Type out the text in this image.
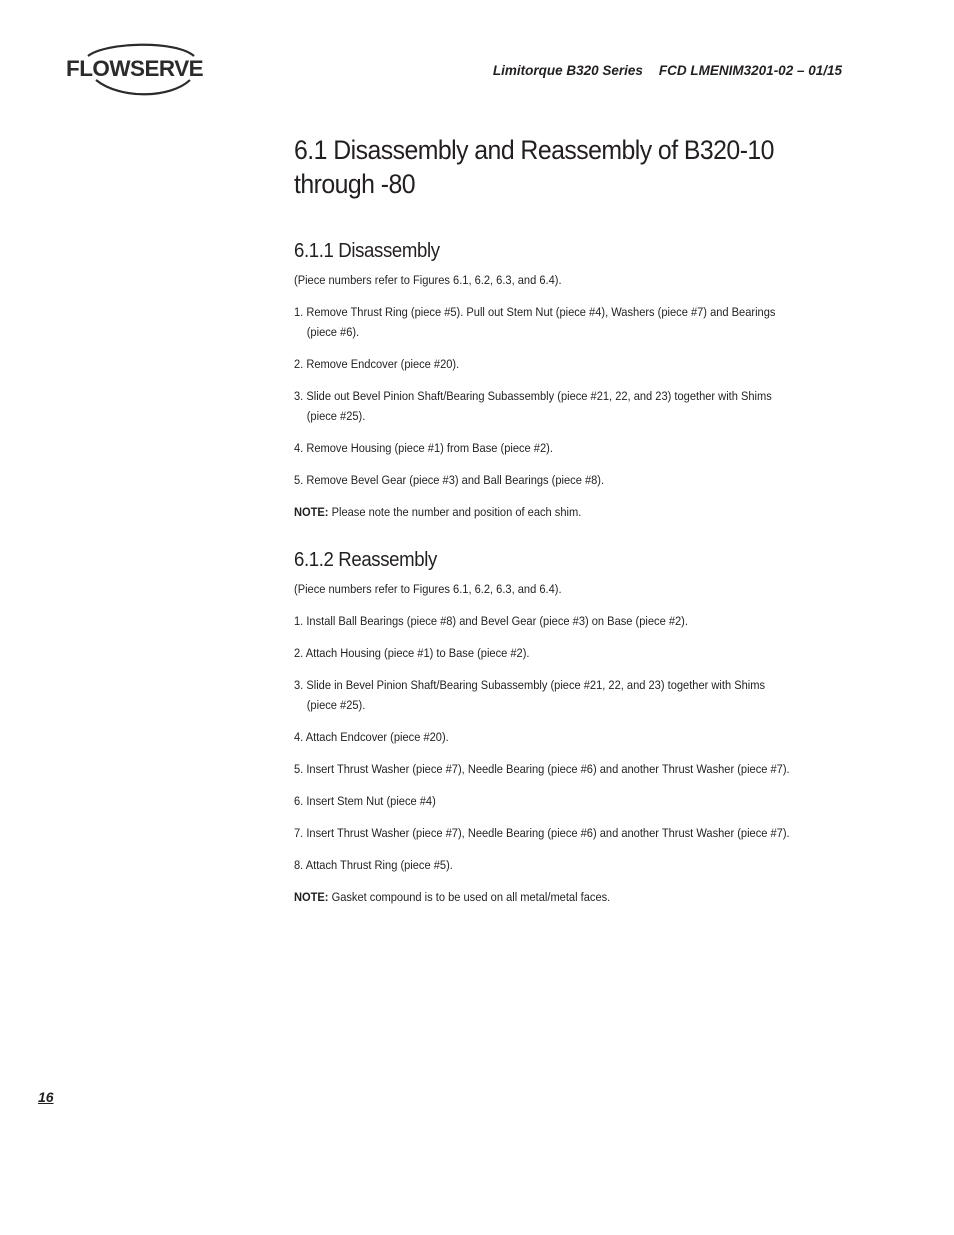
FLOWSERVE	Limitorque B320 Series FCD LMENIM3201-02 – 01/15
6.1 Disassembly and Reassembly of B320-10
through -80
6.1.1 Disassembly
(Piece numbers refer to Figures 6.1, 6.2, 6.3, and 6.4).
1. Remove Thrust Ring (piece #5). Pull out Stem Nut (piece #4), Washers (piece #7) and Bearings
(piece #6).
2. Remove Endcover (piece #20).
3. Slide out Bevel Pinion Shaft/Bearing Subassembly (piece #21, 22, and 23) together with Shims
(piece #25).
4. Remove Housing (piece #1) from Base (piece #2).
5. Remove Bevel Gear (piece #3) and Ball Bearings (piece #8).
NOTE: Please note the number and position of each shim.
6.1.2 Reassembly
(Piece numbers refer to Figures 6.1, 6.2, 6.3, and 6.4).
1. Install Ball Bearings (piece #8) and Bevel Gear (piece #3) on Base (piece #2).
2. Attach Housing (piece #1) to Base (piece #2).
3. Slide in Bevel Pinion Shaft/Bearing Subassembly (piece #21, 22, and 23) together with Shims
(piece #25).
4. Attach Endcover (piece #20).
5. Insert Thrust Washer (piece #7), Needle Bearing (piece #6) and another Thrust Washer (piece #7).
6. Insert Stem Nut (piece #4)
7. Insert Thrust Washer (piece #7), Needle Bearing (piece #6) and another Thrust Washer (piece #7).
8. Attach Thrust Ring (piece #5).
NOTE: Gasket compound is to be used on all metal/metal faces.
16
